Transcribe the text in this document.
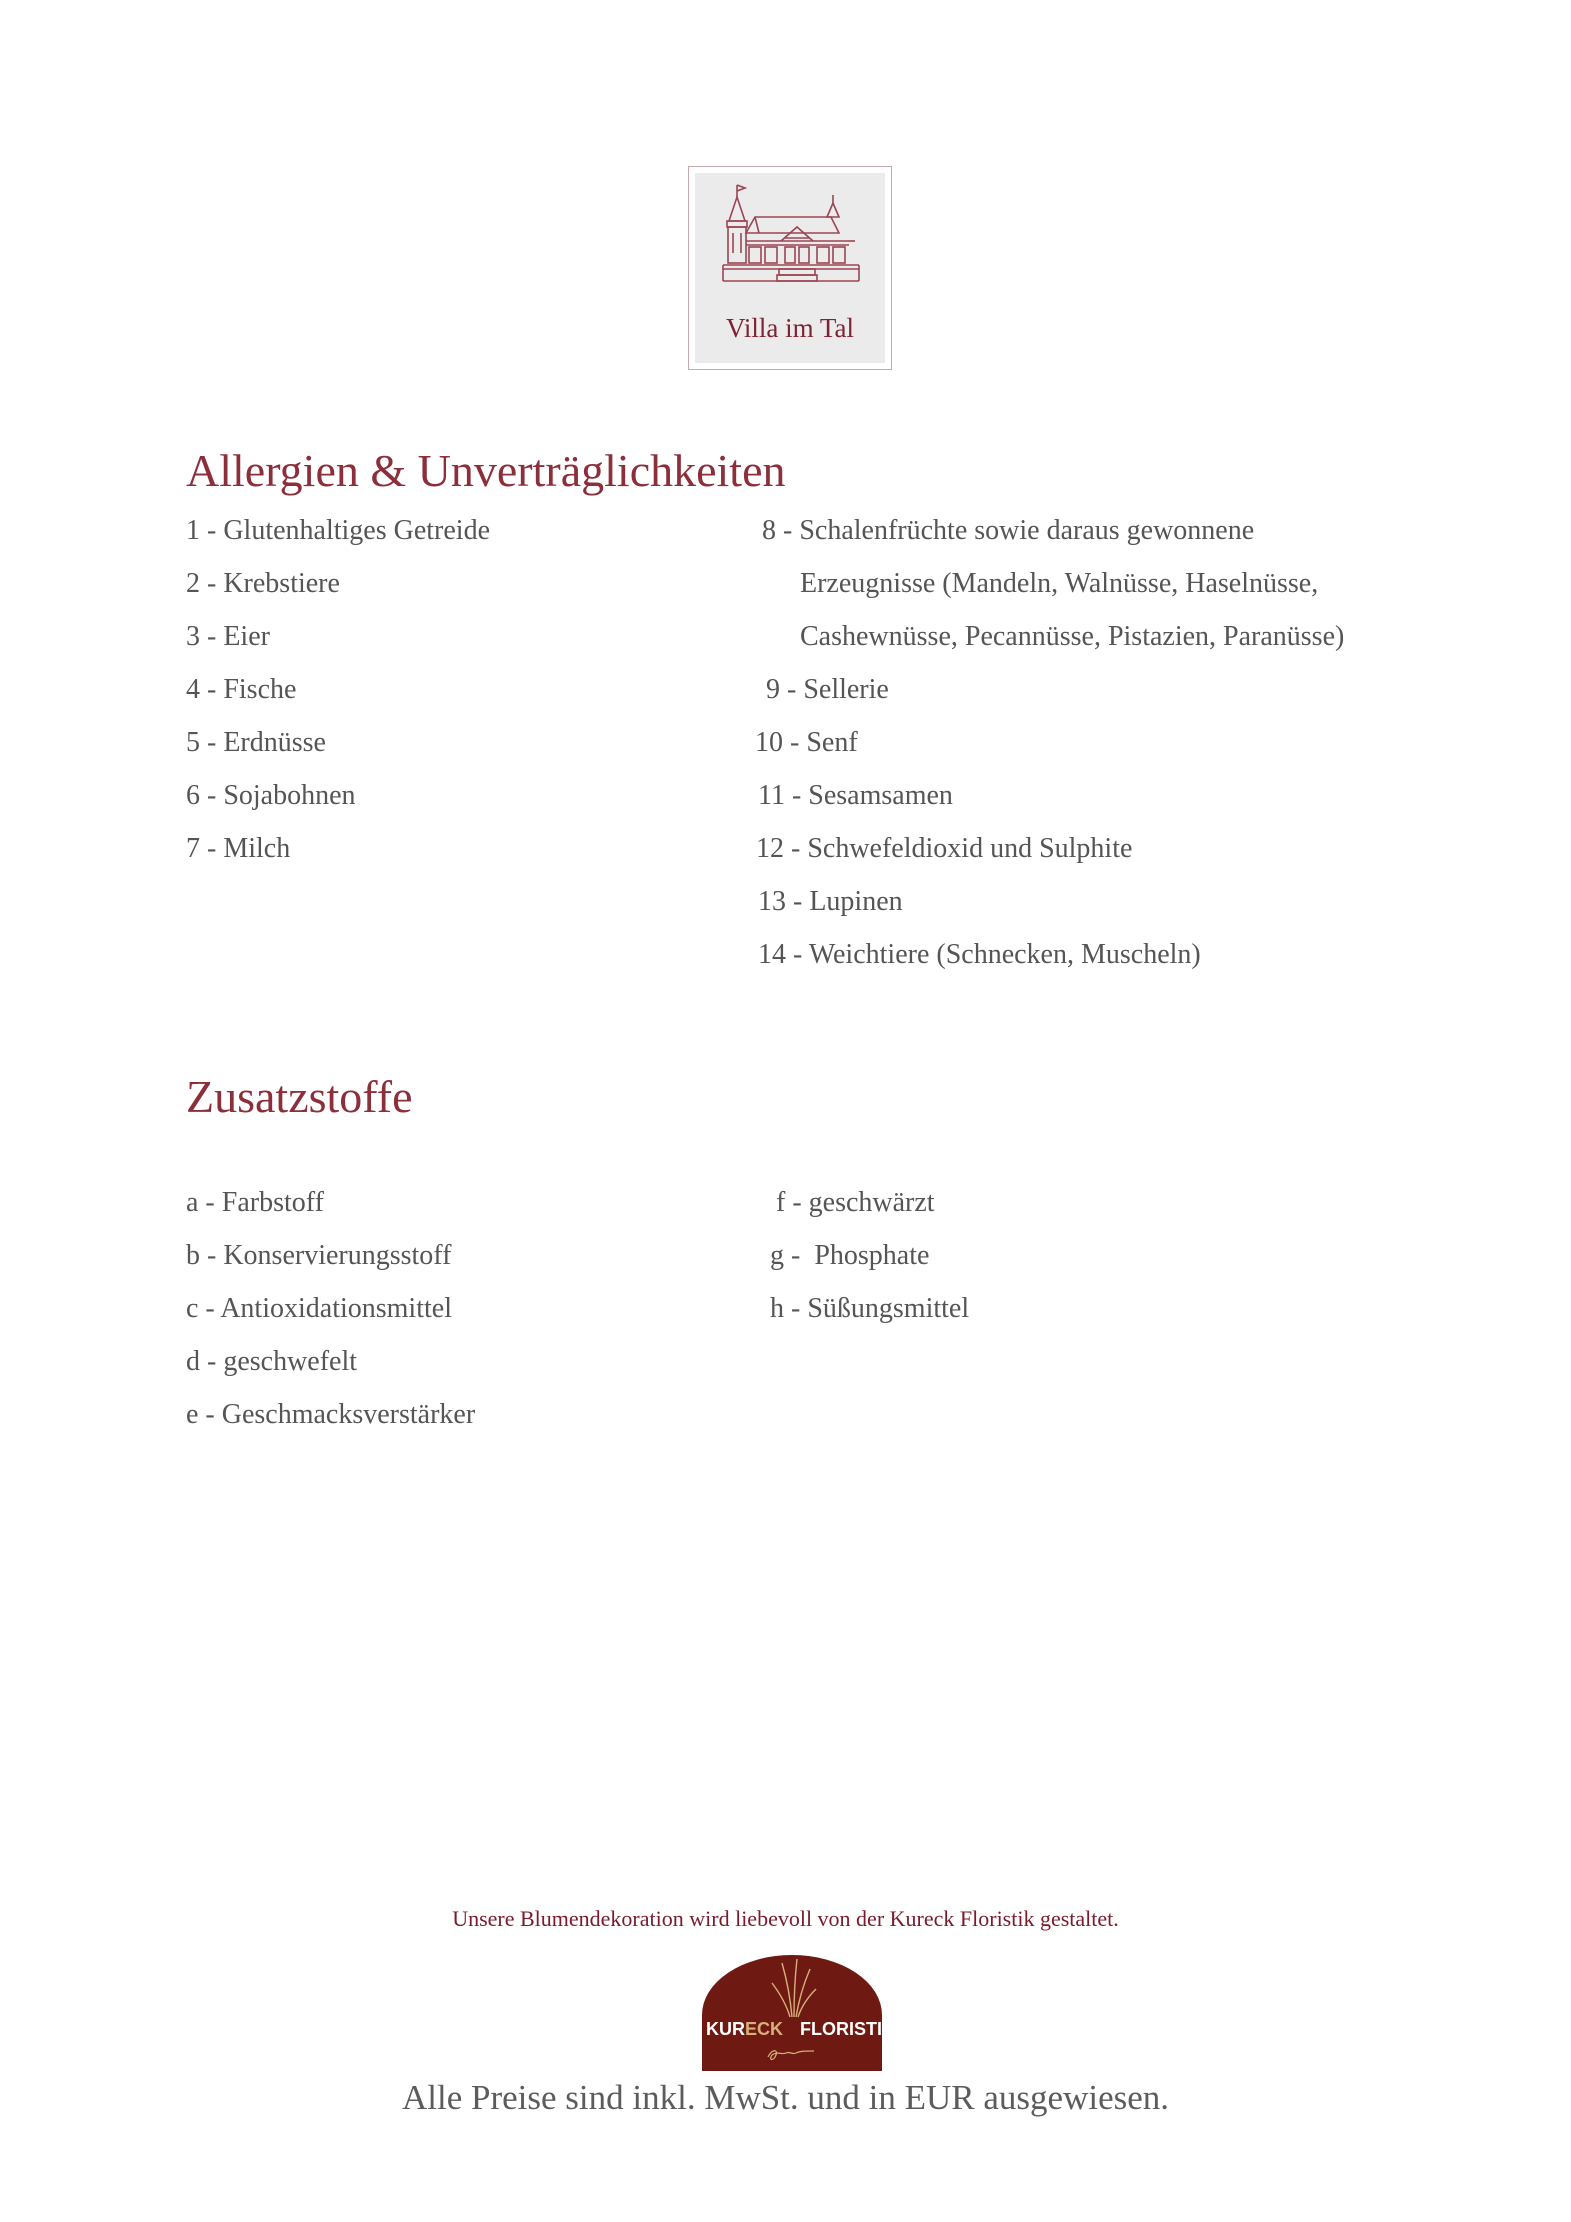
Villa im Tal
Allergien & Unverträglichkeiten
1 - Glutenhaltiges Getreide
2 - Krebstiere
3 - Eier
4 - Fische
5 - Erdnüsse
6 - Sojabohnen
7 - Milch
8 - Schalenfrüchte sowie daraus gewonnene
Erzeugnisse (Mandeln, Walnüsse, Haselnüsse,
Cashewnüsse, Pecannüsse, Pistazien, Paranüsse)
9 - Sellerie
10 - Senf
11 - Sesamsamen
12 - Schwefeldioxid und Sulphite
13 - Lupinen
14 - Weichtiere (Schnecken, Muscheln)
Zusatzstoffe
a - Farbstoff
b - Konservierungsstoff
c - Antioxidationsmittel
d - geschwefelt
e - Geschmacksverstärker
f - geschwärzt
g -  Phosphate
h - Süßungsmittel
Unsere Blumendekoration wird liebevoll von der Kureck Floristik gestaltet.
KURECK FLORISTIK
Alle Preise sind inkl. MwSt. und in EUR ausgewiesen.
